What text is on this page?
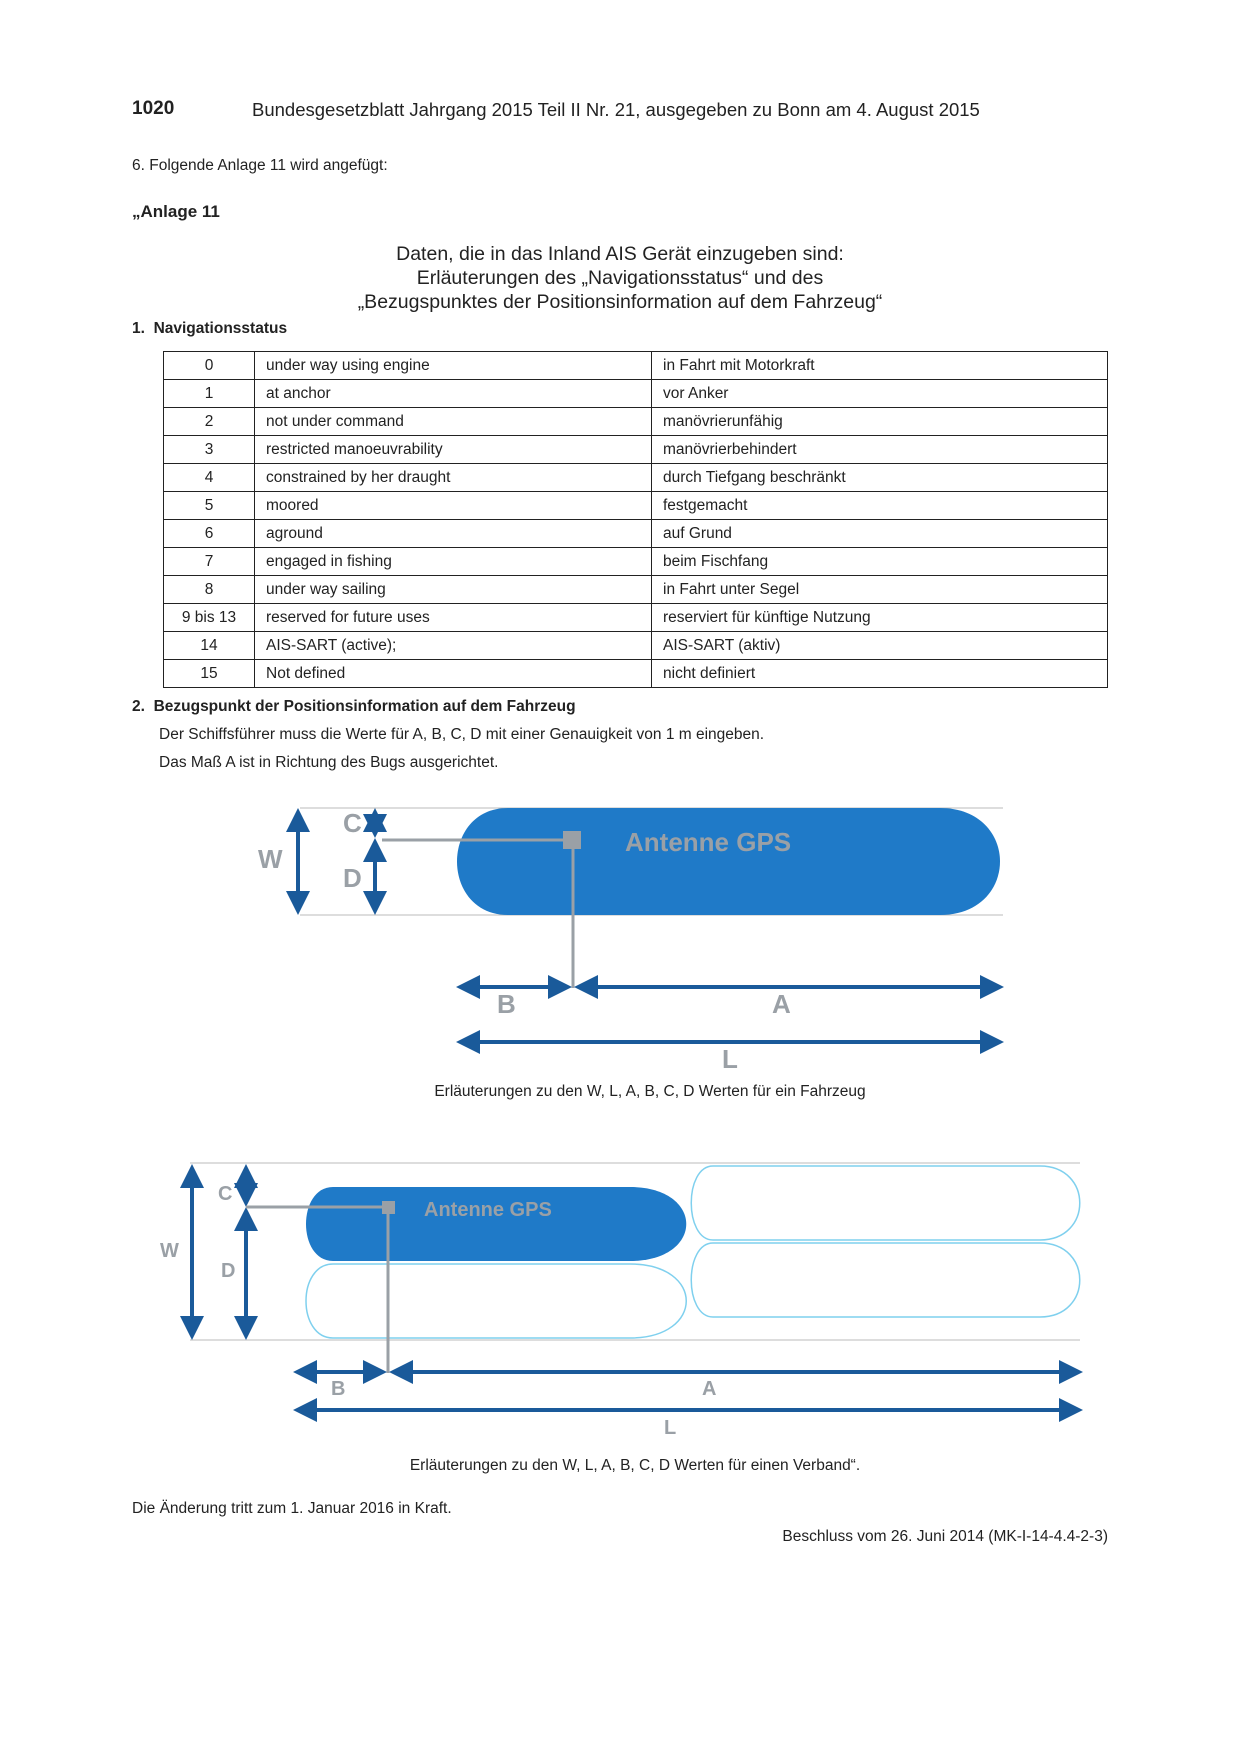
1020	Bundesgesetzblatt Jahrgang 2015 Teil II Nr. 21, ausgegeben zu Bonn am 4. August 2015
6. Folgende Anlage 11 wird angefügt:
„Anlage 11
Daten, die in das Inland AIS Gerät einzugeben sind:
Erläuterungen des „Navigationsstatus“ und des
„Bezugspunktes der Positionsinformation auf dem Fahrzeug“
1. Navigationsstatus
0	under way using engine	in Fahrt mit Motorkraft
1	at anchor	vor Anker
2	not under command	manövrierunfähig
3	restricted manoeuvrability	manövrierbehindert
4	constrained by her draught	durch Tiefgang beschränkt
5	moored	festgemacht
6	aground	auf Grund
7	engaged in fishing	beim Fischfang
8	under way sailing	in Fahrt unter Segel
9 bis 13	reserved for future uses	reserviert für künftige Nutzung
14	AIS-SART (active);	AIS-SART (aktiv)
15	Not defined	nicht definiert
2. Bezugspunkt der Positionsinformation auf dem Fahrzeug
Der Schiffsführer muss die Werte für A, B, C, D mit einer Genauigkeit von 1 m eingeben.
Das Maß A ist in Richtung des Bugs ausgerichtet.
W
C
D
Antenne GPS
B	A
L
W
C
D
Antenne GPS
B	A
L
Erläuterungen zu den W, L, A, B, C, D Werten für ein Fahrzeug
Erläuterungen zu den W, L, A, B, C, D Werten für einen Verband“.
Die Änderung tritt zum 1. Januar 2016 in Kraft.
Beschluss vom 26. Juni 2014 (MK-I-14-4.4-2-3)
